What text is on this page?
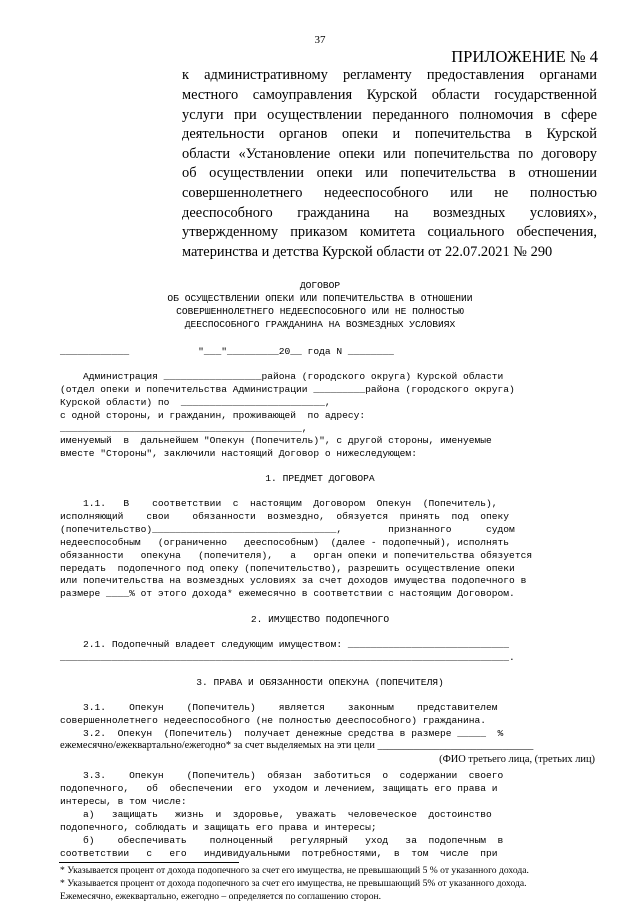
37
ПРИЛОЖЕНИЕ № 4
к административному регламенту предоставления органами
местного самоуправления Курской области государственной
услуги при осуществлении переданного полномочия в сфере
деятельности органов опеки и попечительства в Курской
области «Установление опеки или попечительства по договору
об осуществлении опеки или попечительства в отношении
совершеннолетнего недееспособного или не полностью
дееспособного гражданина на возмездных условиях»,
утвержденному приказом комитета социального обеспечения,
материнства и детства Курской области от 22.07.2021 № 290
ДОГОВОР
ОБ ОСУЩЕСТВЛЕНИИ ОПЕКИ ИЛИ ПОПЕЧИТЕЛЬСТВА В ОТНОШЕНИИ
СОВЕРШЕННОЛЕТНЕГО НЕДЕЕСПОСОБНОГО ИЛИ НЕ ПОЛНОСТЬЮ
ДЕЕСПОСОБНОГО ГРАЖДАНИНА НА ВОЗМЕЗДНЫХ УСЛОВИЯХ
____________            "___"_________20__ года N ________
Администрация _________________района (городского округа) Курской области
(отдел опеки и попечительства Администрации _________района (городского округа)
Курской области) по  _________________________,
с одной стороны, и гражданин, проживающей  по адресу:
__________________________________________,
именуемый  в  дальнейшем "Опекун (Попечитель)", с другой стороны, именуемые
вместе "Стороны", заключили настоящий Договор о нижеследующем:
1. ПРЕДМЕТ ДОГОВОРА
1.1.   В    соответствии  с  настоящим  Договором  Опекун  (Попечитель),
исполняющий    свои    обязанности  возмездно,  обязуется  принять  под  опеку
(попечительство)________________________________,        признанного      судом
недееспособным   (ограниченно   дееспособным)  (далее - подопечный), исполнять
обязанности   опекуна   (попечителя),   а   орган опеки и попечительства обязуется
передать  подопечного под опеку (попечительство), разрешить осуществление опеки
или попечительства на возмездных условиях за счет доходов имущества подопечного в
размере ____% от этого дохода* ежемесячно в соответствии с настоящим Договором.
2. ИМУЩЕСТВО ПОДОПЕЧНОГО
2.1. Подопечный владеет следующим имуществом: ____________________________
______________________________________________________________________________.
3. ПРАВА И ОБЯЗАННОСТИ ОПЕКУНА (ПОПЕЧИТЕЛЯ)
3.1.    Опекун    (Попечитель)    является    законным    представителем
совершеннолетнего недееспособного (не полностью дееспособного) гражданина.
3.2.  Опекун  (Попечитель)  получает денежные средства в размере _____  %
ежемесячно/ежеквартально/ежегодно* за счет выделяемых на эти цели ______________________________
(ФИО третьего лица, (третьих лиц)
3.3.    Опекун    (Попечитель)  обязан  заботиться  о  содержании  своего
подопечного,   об  обеспечении  его  уходом и лечением, защищать его права и
интересы, в том числе:
а)   защищать   жизнь  и  здоровье,  уважать  человеческое  достоинство
подопечного, соблюдать и защищать его права и интересы;
б)    обеспечивать    полноценный   регулярный   уход   за  подопечным  в
соответствии   с   его   индивидуальными  потребностями,  в  том  числе  при
* Указывается процент от дохода подопечного за счет его имущества, не превышающий 5 % от указанного дохода.
* Указывается процент от дохода подопечного за счет его имущества, не превышающий 5% от указанного дохода.
Ежемесячно, ежеквартально, ежегодно – определяется по соглашению сторон.
